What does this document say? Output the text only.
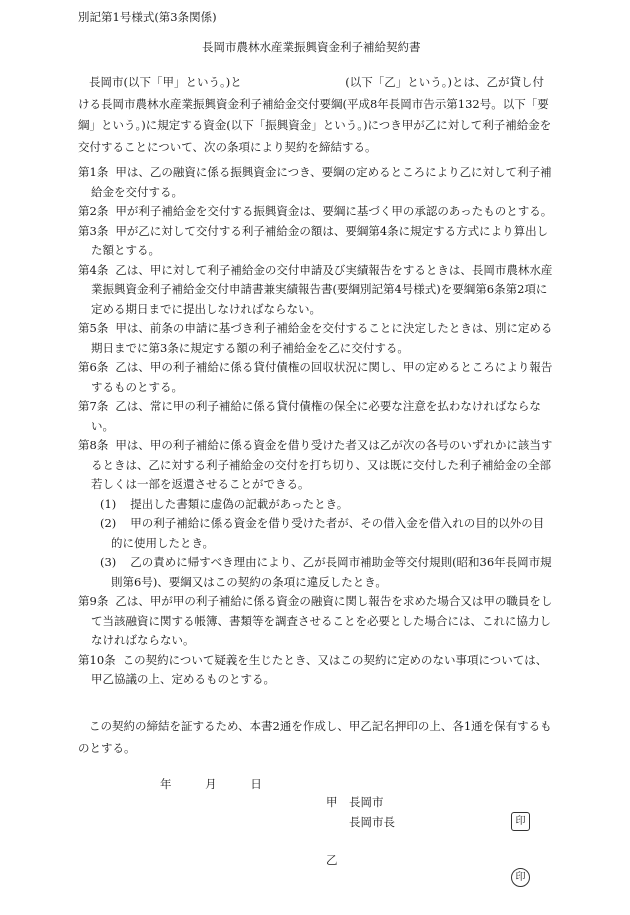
別記第1号様式(第3条関係)
長岡市農林水産業振興資金利子補給契約書

長岡市(以下「甲」という。)と　　　　　　　　　(以下「乙」という。)とは、乙が貸し付ける長岡市農林水産業振興資金利子補給金交付要綱(平成8年長岡市告示第132号。以下「要綱」という。)に規定する資金(以下「振興資金」という。)につき甲が乙に対して利子補給金を交付することについて、次の条項により契約を締結する。

第1条 甲は、乙の融資に係る振興資金につき、要綱の定めるところにより乙に対して利子補給金を交付する。
第2条 甲が利子補給金を交付する振興資金は、要綱に基づく甲の承認のあったものとする。
第3条 甲が乙に対して交付する利子補給金の額は、要綱第4条に規定する方式により算出した額とする。
第4条 乙は、甲に対して利子補給金の交付申請及び実績報告をするときは、長岡市農林水産業振興資金利子補給金交付申請書兼実績報告書(要綱別記第4号様式)を要綱第6条第2項に定める期日までに提出しなければならない。
第5条 甲は、前条の申請に基づき利子補給金を交付することに決定したときは、別に定める期日までに第3条に規定する額の利子補給金を乙に交付する。
第6条 乙は、甲の利子補給に係る貸付債権の回収状況に関し、甲の定めるところにより報告するものとする。
第7条 乙は、常に甲の利子補給に係る貸付債権の保全に必要な注意を払わなければならない。
第8条 甲は、甲の利子補給に係る資金を借り受けた者又は乙が次の各号のいずれかに該当するときは、乙に対する利子補給金の交付を打ち切り、又は既に交付した利子補給金の全部若しくは一部を返還させることができる。
(1) 提出した書類に虚偽の記載があったとき。
(2) 甲の利子補給に係る資金を借り受けた者が、その借入金を借入れの目的以外の目的に使用したとき。
(3) 乙の責めに帰すべき理由により、乙が長岡市補助金等交付規則(昭和36年長岡市規則第6号)、要綱又はこの契約の条項に違反したとき。
第9条 乙は、甲が甲の利子補給に係る資金の融資に関し報告を求めた場合又は甲の職員をして当該融資に関する帳簿、書類等を調査させることを必要とした場合には、これに協力しなければならない。
第10条 この契約について疑義を生じたとき、又はこの契約に定めのない事項については、甲乙協議の上、定めるものとする。

この契約の締結を証するため、本書2通を作成し、甲乙記名押印の上、各1通を保有するものとする。

年	月	日
甲 長岡市
長岡市長	印
乙
印
